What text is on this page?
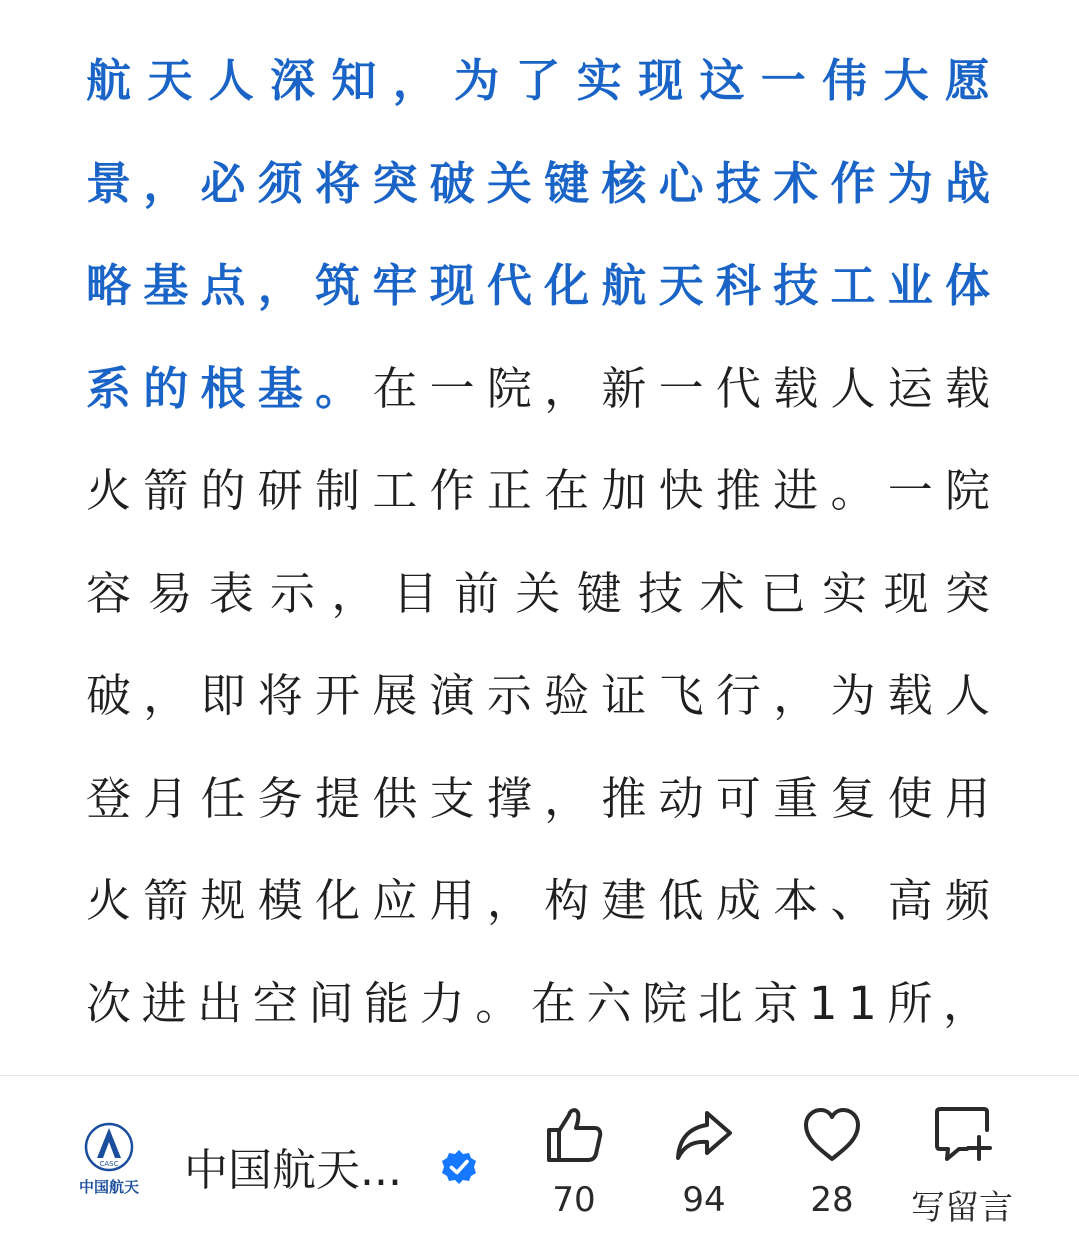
航 天 人 深 知 ， 为 了 实 现 这 一 伟 大 愿
景 ， 必 须 将 突 破 关 键 核 心 技 术 作 为 战
略 基 点 ， 筑 牢 现 代 化 航 天 科 技 工 业 体
系 的 根 基 。 在 一 院 ， 新 一 代 载 人 运 载
火 箭 的 研 制 工 作 正 在 加 快 推 进 。 一 院
容 易 表 示 ， 目 前 关 键 技 术 已 实 现 突
破 ， 即 将 开 展 演 示 验 证 飞 行 ， 为 载 人
登 月 任 务 提 供 支 撑 ， 推 动 可 重 复 使 用
火 箭 规 模 化 应 用 ， 构 建 低 成 本 、 高 频
次 进 出 空 间 能 力 。 在 六 院 北 京 1 1 所 ，
CASC
中国航天 中国航天...
70	94	28	写留言
